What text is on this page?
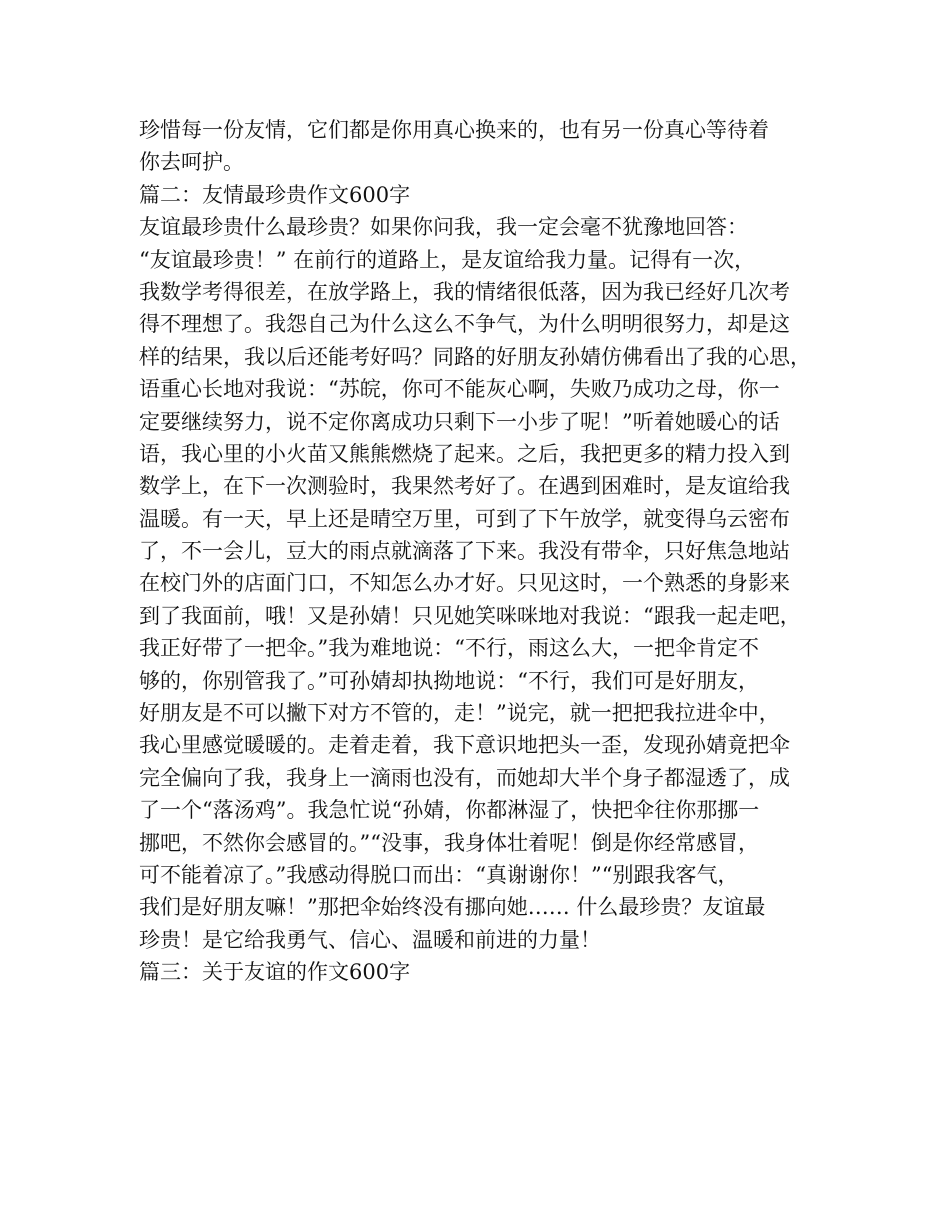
珍惜每一份友情，它们都是你用真心换来的，也有另一份真心等待着
你去呵护。
篇二：友情最珍贵作文600字
友谊最珍贵什么最珍贵？如果你问我，我一定会毫不犹豫地回答：
“友谊最珍贵！” 在前行的道路上，是友谊给我力量。记得有一次，
我数学考得很差，在放学路上，我的情绪很低落，因为我已经好几次考
得不理想了。我怨自己为什么这么不争气，为什么明明很努力，却是这
样的结果，我以后还能考好吗？同路的好朋友孙婧仿佛看出了我的心思，
语重心长地对我说：“苏皖，你可不能灰心啊，失败乃成功之母，你一
定要继续努力，说不定你离成功只剩下一小步了呢！”听着她暖心的话
语，我心里的小火苗又熊熊燃烧了起来。之后，我把更多的精力投入到
数学上，在下一次测验时，我果然考好了。在遇到困难时，是友谊给我
温暖。有一天，早上还是晴空万里，可到了下午放学，就变得乌云密布
了，不一会儿，豆大的雨点就滴落了下来。我没有带伞，只好焦急地站
在校门外的店面门口，不知怎么办才好。只见这时，一个熟悉的身影来
到了我面前，哦！又是孙婧！只见她笑咪咪地对我说：“跟我一起走吧，
我正好带了一把伞。”我为难地说：“不行，雨这么大，一把伞肯定不
够的，你别管我了。”可孙婧却执拗地说：“不行，我们可是好朋友，
好朋友是不可以撇下对方不管的，走！”说完，就一把把我拉进伞中，
我心里感觉暖暖的。走着走着，我下意识地把头一歪，发现孙婧竟把伞
完全偏向了我，我身上一滴雨也没有，而她却大半个身子都湿透了，成
了一个“落汤鸡”。我急忙说“孙婧，你都淋湿了，快把伞往你那挪一
挪吧，不然你会感冒的。”“没事，我身体壮着呢！倒是你经常感冒，
可不能着凉了。”我感动得脱口而出：“真谢谢你！”“别跟我客气，
我们是好朋友嘛！”那把伞始终没有挪向她…… 什么最珍贵？友谊最
珍贵！是它给我勇气、信心、温暖和前进的力量！
篇三：关于友谊的作文600字
